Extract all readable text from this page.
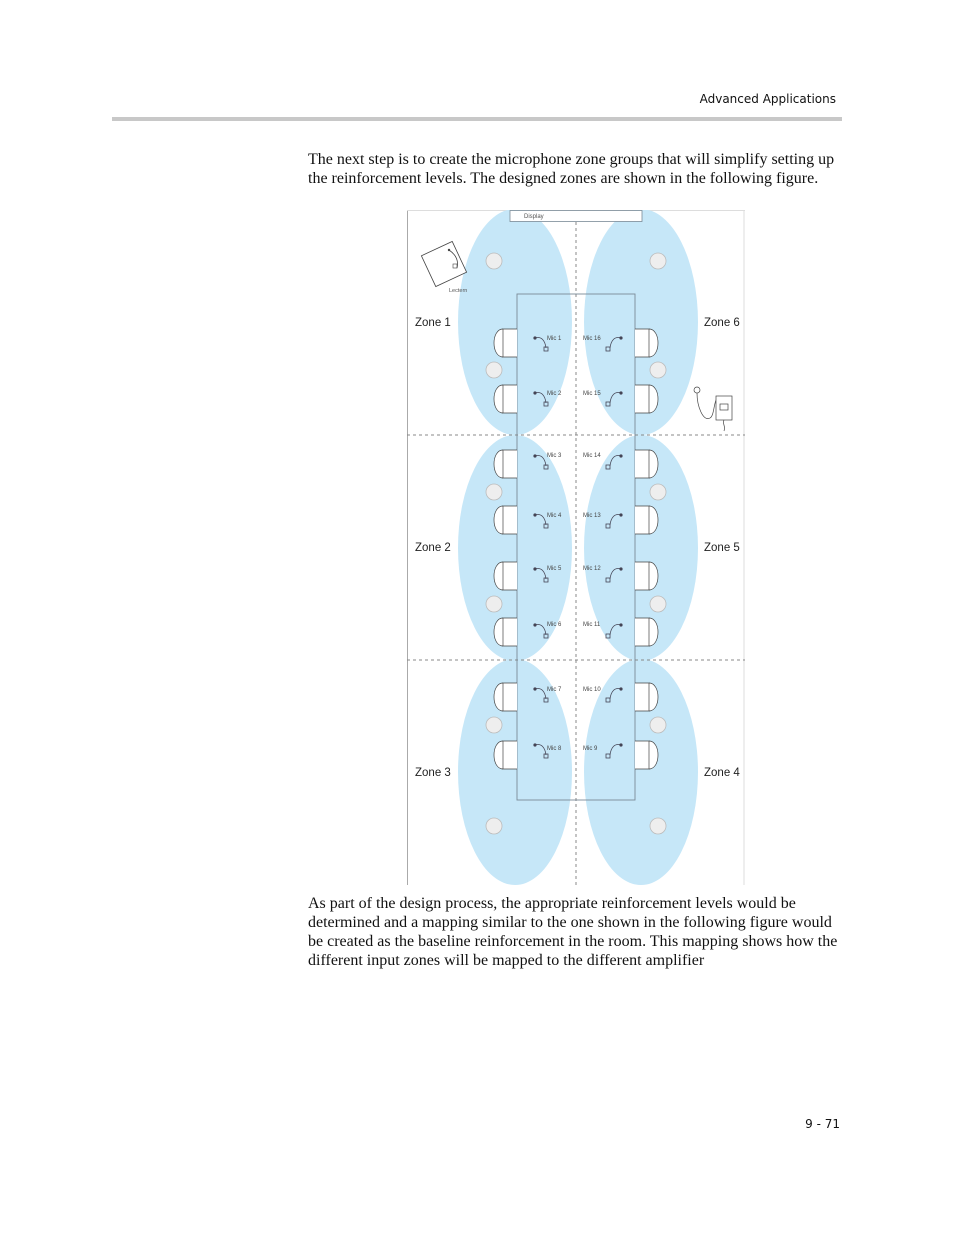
Advanced Applications

The next step is to create the microphone zone groups that will simplify setting up the reinforcement levels. The designed zones are shown in the following figure.

Display
Lectern
Mic 1
Mic 2
Mic 3
Mic 4
Mic 5
Mic 6
Mic 7
Mic 8
Mic 16
Mic 15
Mic 14
Mic 13
Mic 12
Mic 11
Mic 10
Mic 9
Zone 1	Zone 6
Zone 2	Zone 5
Zone 3	Zone 4

As part of the design process, the appropriate reinforcement levels would be determined and a mapping similar to the one shown in the following figure would be created as the baseline reinforcement in the room. This mapping shows how the different input zones will be mapped to the different amplifier

9 - 71
